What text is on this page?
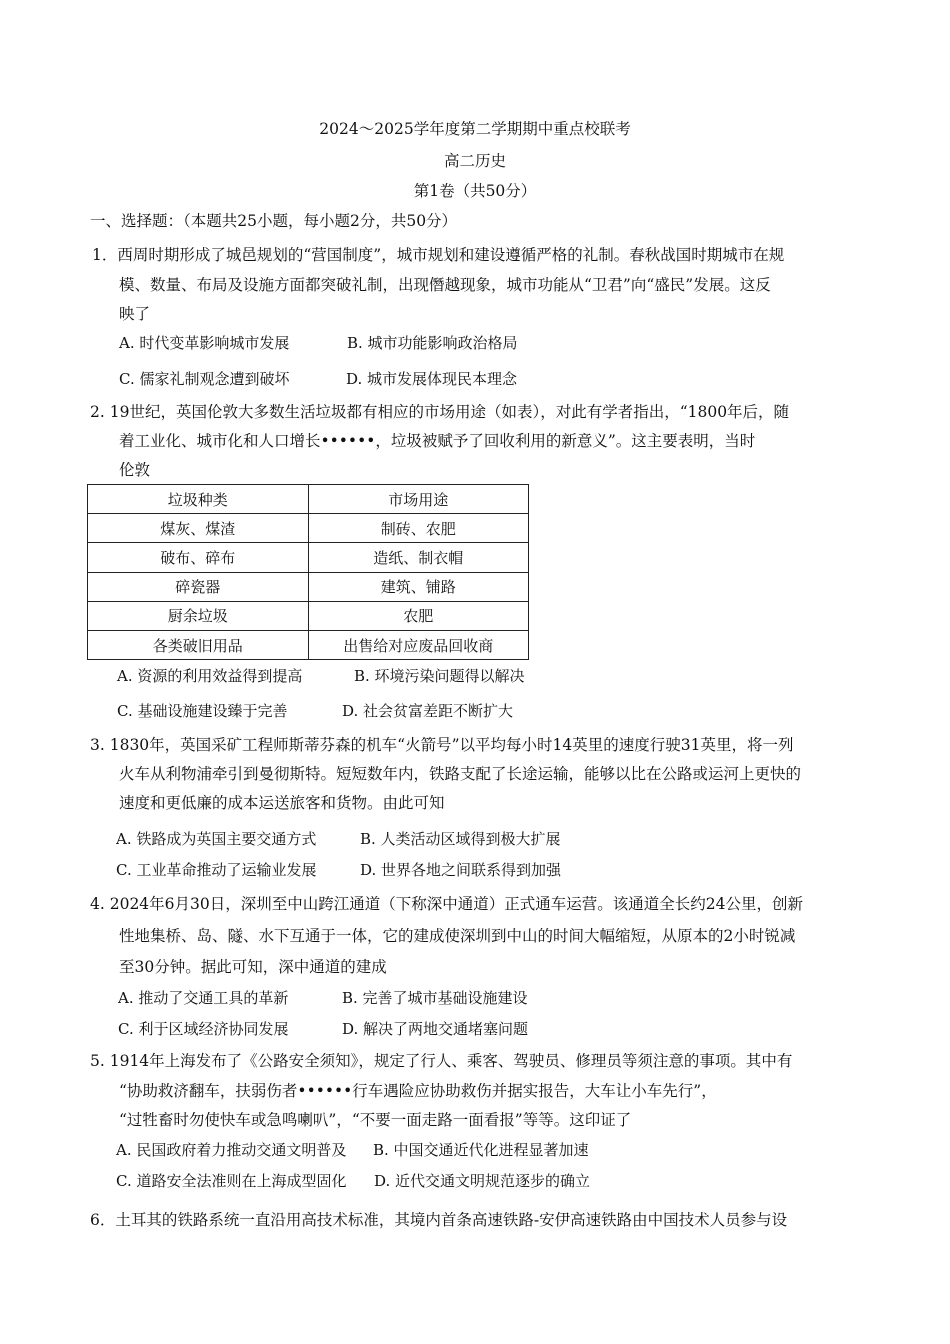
2024～2025学年度第二学期期中重点校联考
高二历史
第1卷（共50分）
一、选择题：（本题共25小题，每小题2分，共50分）
1．西周时期形成了城邑规划的“营国制度”，城市规划和建设遵循严格的礼制。春秋战国时期城市在规
模、数量、布局及设施方面都突破礼制，出现僭越现象，城市功能从“卫君”向“盛民”发展。这反
映了
A. 时代变革影响城市发展	B. 城市功能影响政治格局
C. 儒家礼制观念遭到破坏	D. 城市发展体现民本理念
2. 19世纪，英国伦敦大多数生活垃圾都有相应的市场用途（如表），对此有学者指出，“1800年后，随
着工业化、城市化和人口增长••••••，垃圾被赋予了回收利用的新意义”。这主要表明，当时
伦敦
垃圾种类	市场用途
煤灰、煤渣	制砖、农肥
破布、碎布	造纸、制衣帽
碎瓷器	建筑、铺路
厨余垃圾	农肥
各类破旧用品	出售给对应废品回收商
A. 资源的利用效益得到提高	B. 环境污染问题得以解决
C. 基础设施建设臻于完善	D. 社会贫富差距不断扩大
3. 1830年，英国采矿工程师斯蒂芬森的机车“火箭号”以平均每小时14英里的速度行驶31英里，将一列
火车从利物浦牵引到曼彻斯特。短短数年内，铁路支配了长途运输，能够以比在公路或运河上更快的
速度和更低廉的成本运送旅客和货物。由此可知
A. 铁路成为英国主要交通方式	B. 人类活动区域得到极大扩展
C. 工业革命推动了运输业发展	D. 世界各地之间联系得到加强
4. 2024年6月30日，深圳至中山跨江通道（下称深中通道）正式通车运营。该通道全长约24公里，创新
性地集桥、岛、隧、水下互通于一体，它的建成使深圳到中山的时间大幅缩短，从原本的2小时锐减
至30分钟。据此可知，深中通道的建成
A. 推动了交通工具的革新	B. 完善了城市基础设施建设
C. 利于区域经济协同发展	D. 解决了两地交通堵塞问题
5. 1914年上海发布了《公路安全须知》，规定了行人、乘客、驾驶员、修理员等须注意的事项。其中有
“协助救济翻车，扶弱伤者••••••行车遇险应协助救伤并据实报告，大车让小车先行”，
“过牲畜时勿使快车或急鸣喇叭”，“不要一面走路一面看报”等等。这印证了
A. 民国政府着力推动交通文明普及 B. 中国交通近代化进程显著加速
C. 道路安全法准则在上海成型固化 D. 近代交通文明规范逐步的确立
6．土耳其的铁路系统一直沿用高技术标准，其境内首条高速铁路-安伊高速铁路由中国技术人员参与设
